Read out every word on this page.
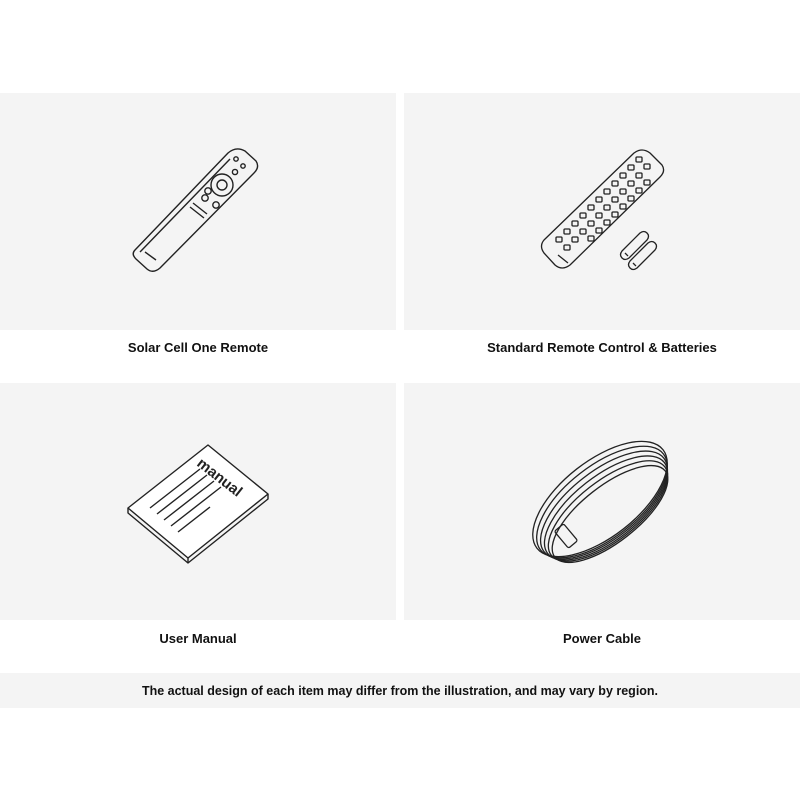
Solar Cell One Remote	Standard Remote Control & Batteries
manual
User Manual	Power Cable
The actual design of each item may differ from the illustration, and may vary by region.
